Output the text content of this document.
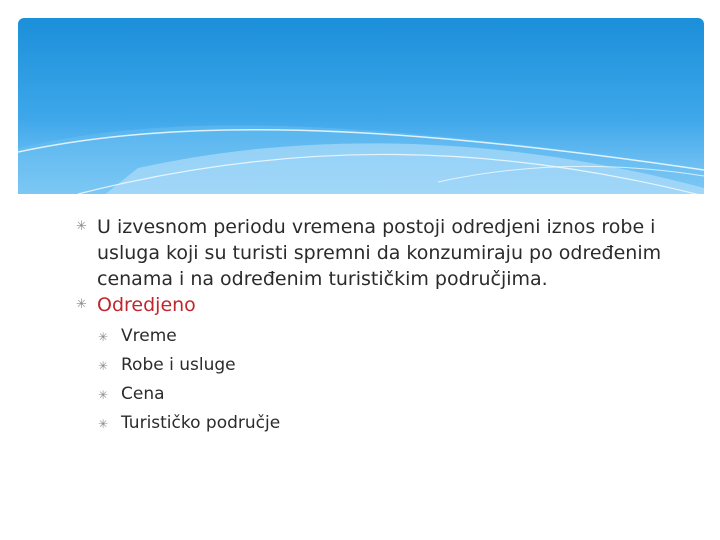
✳ U izvesnom periodu vremena postoji odredjeni iznos robe i usluga koji su turisti spremni da konzumiraju po određenim cenama i na određenim turističkim područjima.
✳ Odredjeno
✳ Vreme
✳ Robe i usluge
✳ Cena
✳ Turističko područje
